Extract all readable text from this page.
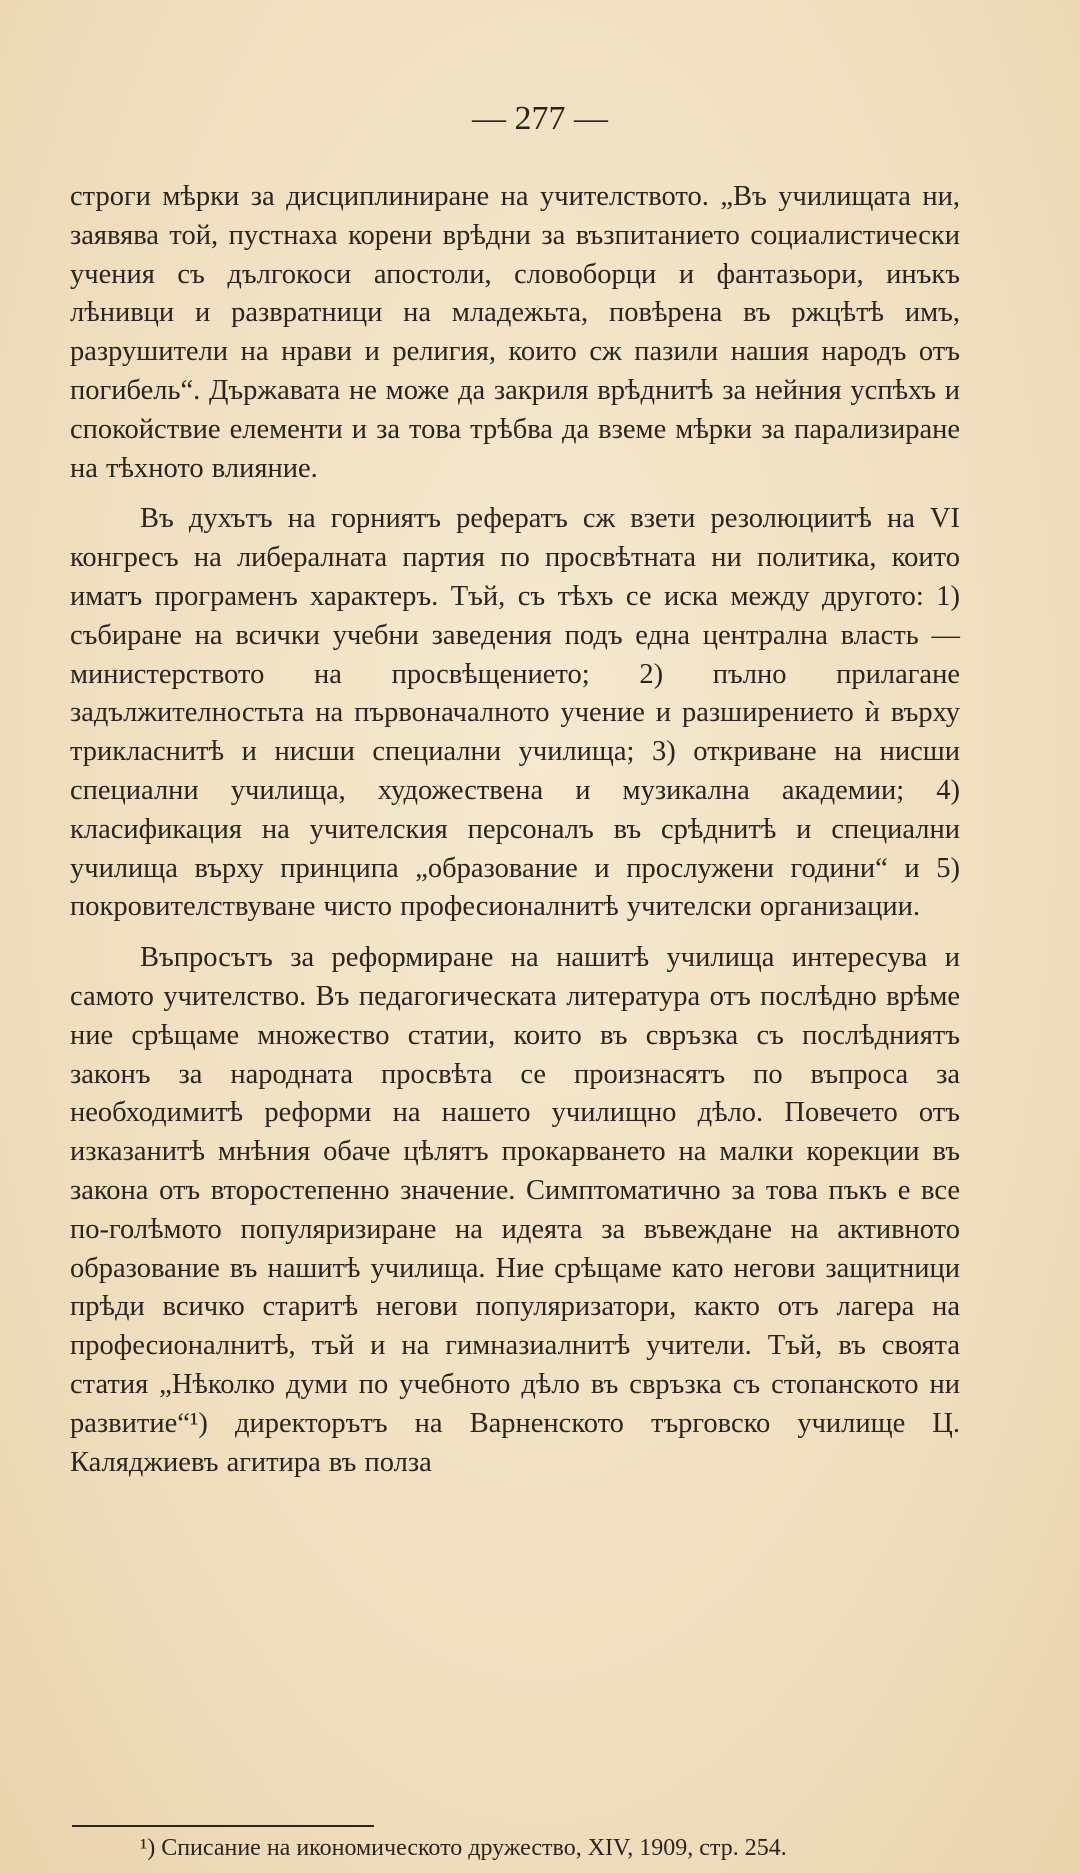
— 277 —

строги мѣрки за дисциплиниране на учителството. „Въ училищата ни, заявява той, пустнаха корени врѣдни за възпитанието социалистически учения съ дългокоси апостоли, словоборци и фантазьори, инъкъ лѣнивци и развратници на младежьта, повѣрена въ ржцѣтѣ имъ, разрушители на нрави и религия, които сж пазили нашия народъ отъ погибель“. Държавата не може да закриля врѣднитѣ за нейния успѣхъ и спокойствие елементи и за това трѣбва да вземе мѣрки за парализиране на тѣхното влияние.

Въ духътъ на горниятъ рефератъ сж взети резолюциитѣ на VI конгресъ на либералната партия по просвѣтната ни политика, които иматъ програменъ характеръ. Тъй, съ тѣхъ се иска между другото: 1) събиране на всички учебни заведения подъ една централна власть — министерството на просвѣщението; 2) пълно прилагане задължителностьта на първоначалното учение и разширението ѝ върху трикласнитѣ и нисши специални училища; 3) откриване на нисши специални училища, художествена и музикална академии; 4) класификация на учителския персоналъ въ срѣднитѣ и специални училища върху принципа „образование и прослужени години“ и 5) покровителствуване чисто професионалнитѣ учителски организации.

Въпросътъ за реформиране на нашитѣ училища интересува и самото учителство. Въ педагогическата литература отъ послѣдно врѣме ние срѣщаме множество статии, които въ свръзка съ послѣдниятъ законъ за народната просвѣта се произнасятъ по въпроса за необходимитѣ реформи на нашето училищно дѣло. Повечето отъ изказанитѣ мнѣния обаче цѣлятъ прокарването на малки корекции въ закона отъ второстепенно значение. Симптоматично за това пъкъ е все по-голѣмото популяризиране на идеята за въвеждане на активното образование въ нашитѣ училища. Ние срѣщаме като негови защитници прѣди всичко старитѣ негови популяризатори, както отъ лагера на професионалнитѣ, тъй и на гимназиалнитѣ учители. Тъй, въ своята статия „Нѣколко думи по учебното дѣло въ свръзка съ стопанското ни развитие“¹) директорътъ на Варненското търговско училище Ц. Каляджиевъ агитира въ полза

¹) Списание на икономическото дружество, XIV, 1909, стр. 254.
